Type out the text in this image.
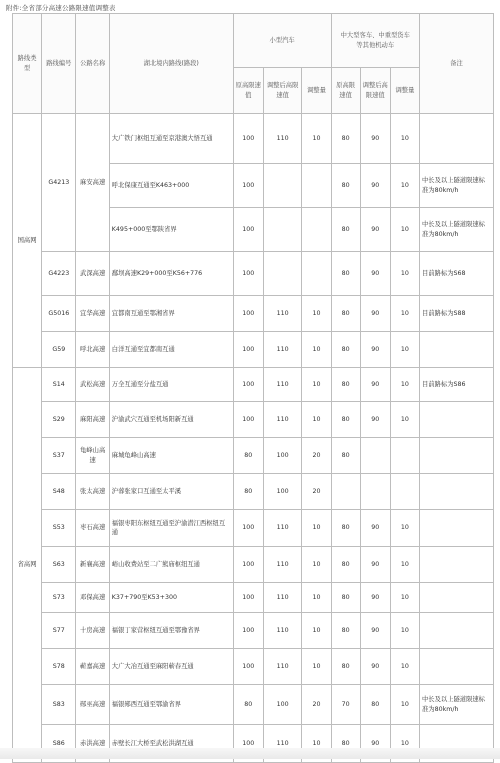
附件:全省部分高速公路限速值调整表
路线类型	路线编号	公路名称	湖北境内路线(路段)	小型汽车			中大型客车、中重型货车
等其他机动车			备注
				原高限速值	调整后高限速值	调整量	原高限速值	调整后高限速值	调整量	
国高网	G4213	麻安高速	大广铁门枢纽互通至京港澳大悟互通	100	110	10	80	90	10	
			呼北保康互通至K463+000	100			80	90	10	中长及以上隧道限速标准为80km/h
			K495+000至鄂陕省界	100			80	90	10	中长及以上隧道限速标准为80km/h
	G4223	武深高速	鄱坝高速K29+000至K56+776	100			80	90	10	目前路标为S68
	G5016	宜华高速	宜都南互通至鄂湘省界	100	110	10	80	90	10	目前路标为S88
	G59	呼北高速	白洋互通至宜都南互通	100	110	10	80	90	10	
省高网	S14	武松高速	万全互通至分盐互通	100	110	10	80	90	10	目前路标为S86
	S29	麻阳高速	沪渝武穴互通至机场阳新互通	100	110	10	80	90	10	
	S37	龟峰山高速	麻城龟峰山高速	80	100	20	80			
	S48	张太高速	沪蓉张家口互通至太平溪	80	100	20				
	S53	枣石高速	福银枣阳东枢纽互通至沪渝潜江西枢纽互通	100	110	10	80	90	10	
	S63	新襄高速	峪山收费站至二广熊庙枢纽互通	100	110	10	80	90	10	
	S73	邓保高速	K37+790至K53+300	100	110	10	80	90	10	
	S77	十房高速	福银丁家营枢纽互通至鄂豫省界	100	110	10	80	90	10	
	S78	蕲嘉高速	大广大冶互通至麻阳蕲春互通	100	110	10	80	90	10	
	S83	郧巫高速	福银郧西互通至鄂渝省界	80	100	20	70	80	10	中长及以上隧道限速标准为80km/h
	S86	赤洪高速	赤壁长江大桥至武松洪湖互通	100	110	10	80	90	10	
